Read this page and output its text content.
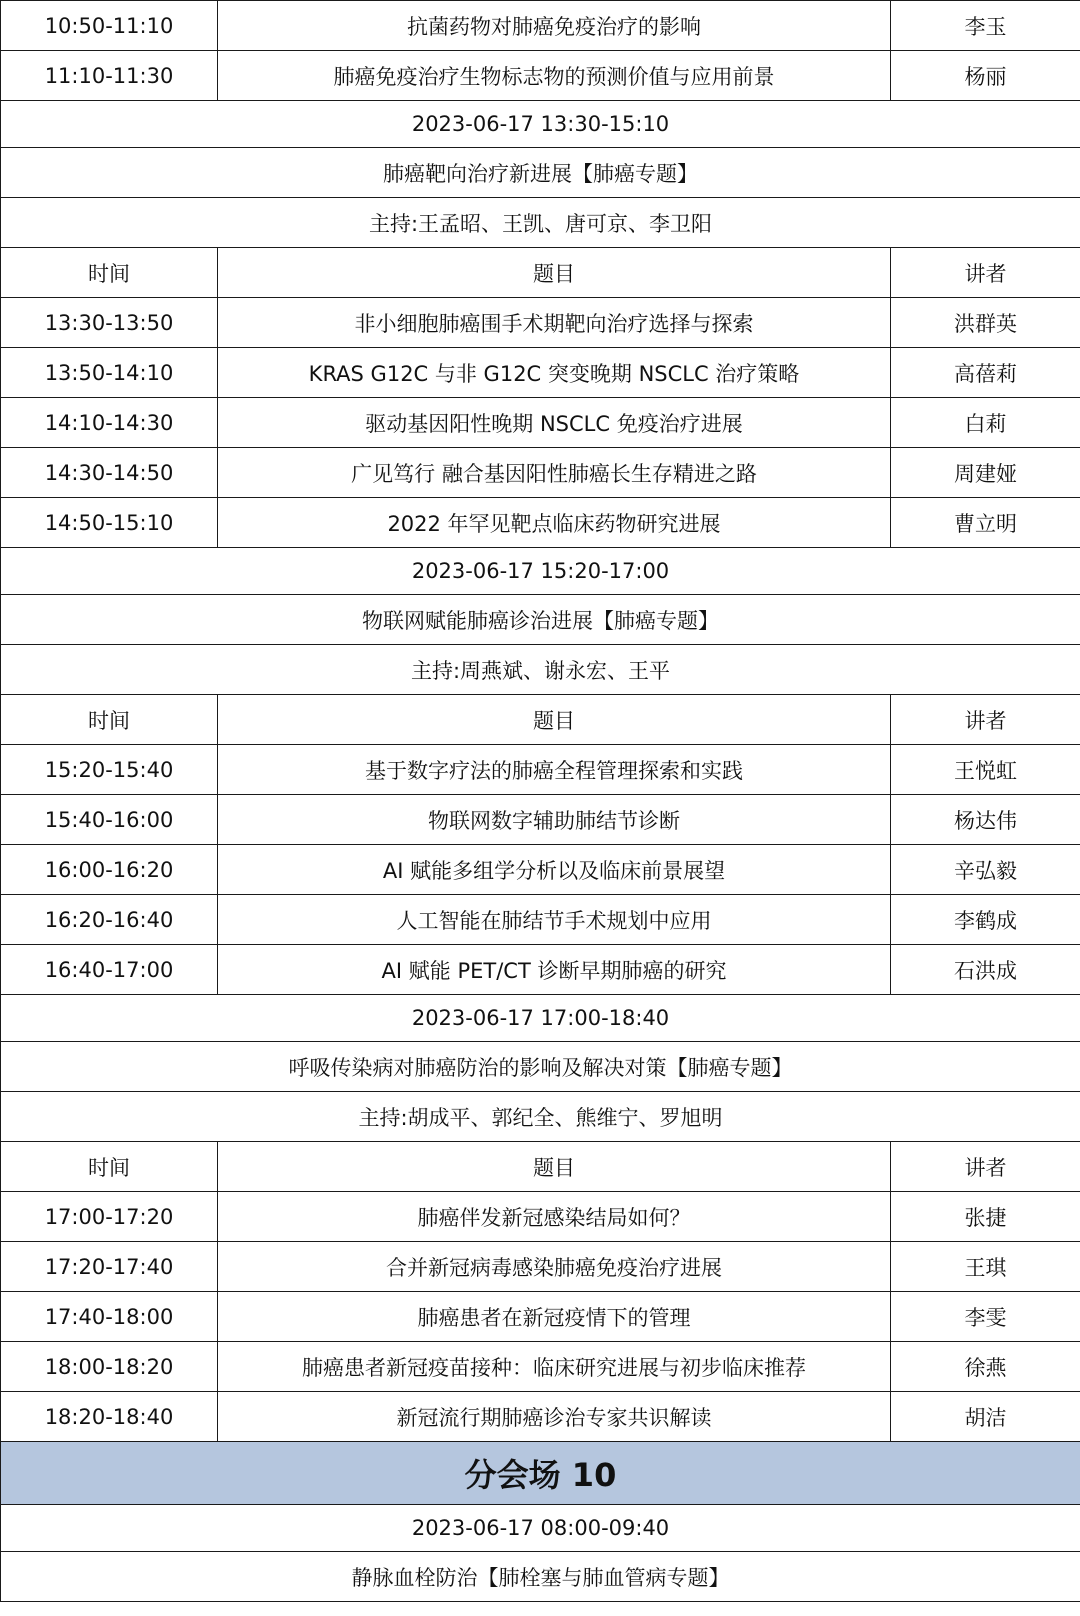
10:50-11:10	抗菌药物对肺癌免疫治疗的影响	李玉
11:10-11:30	肺癌免疫治疗生物标志物的预测价值与应用前景	杨丽
2023-06-17 13:30-15:10		
肺癌靶向治疗新进展【肺癌专题】		
主持:王孟昭、王凯、唐可京、李卫阳		
时间	题目	讲者
13:30-13:50	非小细胞肺癌围手术期靶向治疗选择与探索	洪群英
13:50-14:10	KRAS G12C 与非 G12C 突变晚期 NSCLC 治疗策略	高蓓莉
14:10-14:30	驱动基因阳性晚期 NSCLC 免疫治疗进展	白莉
14:30-14:50	广见笃行 融合基因阳性肺癌长生存精进之路	周建娅
14:50-15:10	2022 年罕见靶点临床药物研究进展	曹立明
2023-06-17 15:20-17:00		
物联网赋能肺癌诊治进展【肺癌专题】		
主持:周燕斌、谢永宏、王平		
时间	题目	讲者
15:20-15:40	基于数字疗法的肺癌全程管理探索和实践	王悦虹
15:40-16:00	物联网数字辅助肺结节诊断	杨达伟
16:00-16:20	AI 赋能多组学分析以及临床前景展望	辛弘毅
16:20-16:40	人工智能在肺结节手术规划中应用	李鹤成
16:40-17:00	AI 赋能 PET/CT 诊断早期肺癌的研究	石洪成
2023-06-17 17:00-18:40		
呼吸传染病对肺癌防治的影响及解决对策【肺癌专题】		
主持:胡成平、郭纪全、熊维宁、罗旭明		
时间	题目	讲者
17:00-17:20	肺癌伴发新冠感染结局如何？	张捷
17:20-17:40	合并新冠病毒感染肺癌免疫治疗进展	王琪
17:40-18:00	肺癌患者在新冠疫情下的管理	李雯
18:00-18:20	肺癌患者新冠疫苗接种：临床研究进展与初步临床推荐	徐燕
18:20-18:40	新冠流行期肺癌诊治专家共识解读	胡洁
分会场 10		
2023-06-17 08:00-09:40		
静脉血栓防治【肺栓塞与肺血管病专题】		
